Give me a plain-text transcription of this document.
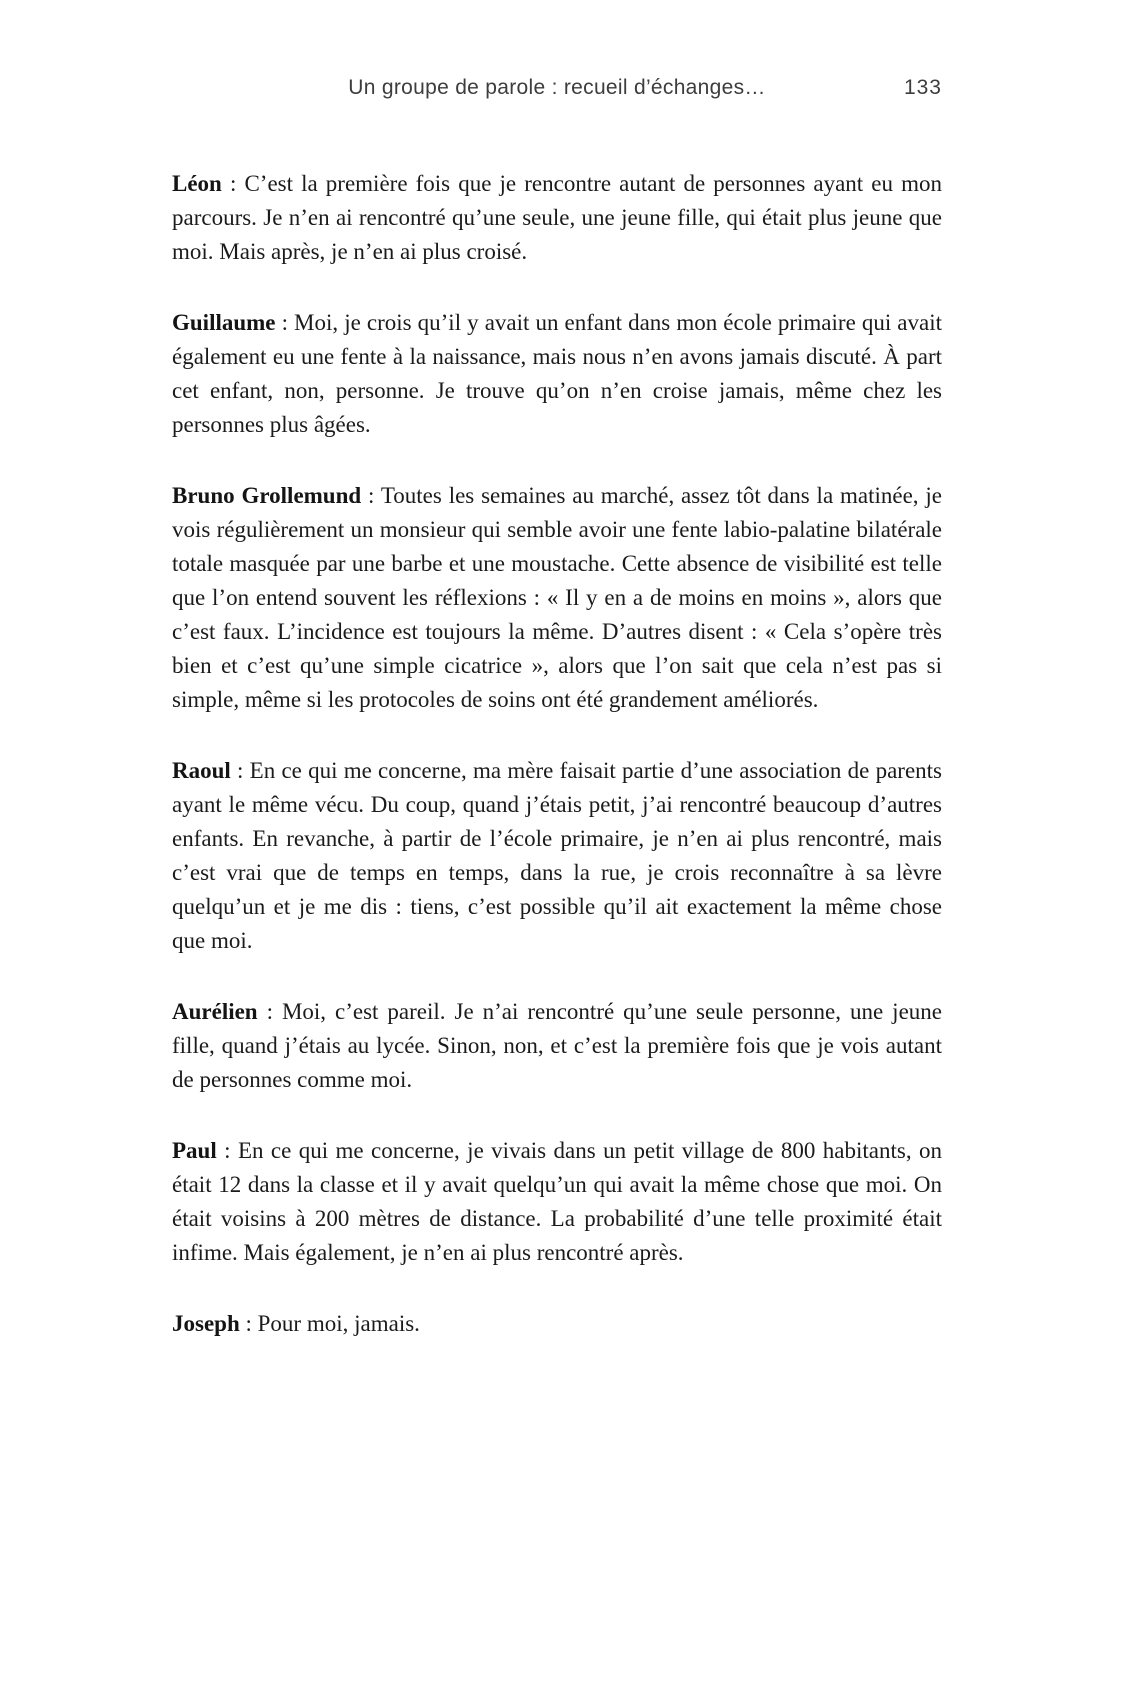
Un groupe de parole : recueil d’échanges…	133

Léon : C’est la première fois que je rencontre autant de personnes ayant eu mon parcours. Je n’en ai rencontré qu’une seule, une jeune fille, qui était plus jeune que moi. Mais après, je n’en ai plus croisé.

Guillaume : Moi, je crois qu’il y avait un enfant dans mon école primaire qui avait également eu une fente à la naissance, mais nous n’en avons jamais discuté. À part cet enfant, non, personne. Je trouve qu’on n’en croise jamais, même chez les personnes plus âgées.

Bruno Grollemund : Toutes les semaines au marché, assez tôt dans la matinée, je vois régulièrement un monsieur qui semble avoir une fente labio-palatine bilatérale totale masquée par une barbe et une moustache. Cette absence de visibilité est telle que l’on entend souvent les réflexions : « Il y en a de moins en moins », alors que c’est faux. L’incidence est toujours la même. D’autres disent : « Cela s’opère très bien et c’est qu’une simple cicatrice », alors que l’on sait que cela n’est pas si simple, même si les protocoles de soins ont été grandement améliorés.

Raoul : En ce qui me concerne, ma mère faisait partie d’une association de parents ayant le même vécu. Du coup, quand j’étais petit, j’ai rencontré beaucoup d’autres enfants. En revanche, à partir de l’école primaire, je n’en ai plus rencontré, mais c’est vrai que de temps en temps, dans la rue, je crois reconnaître à sa lèvre quelqu’un et je me dis : tiens, c’est possible qu’il ait exactement la même chose que moi.

Aurélien : Moi, c’est pareil. Je n’ai rencontré qu’une seule personne, une jeune fille, quand j’étais au lycée. Sinon, non, et c’est la première fois que je vois autant de personnes comme moi.

Paul : En ce qui me concerne, je vivais dans un petit village de 800 habitants, on était 12 dans la classe et il y avait quelqu’un qui avait la même chose que moi. On était voisins à 200 mètres de distance. La probabilité d’une telle proximité était infime. Mais également, je n’en ai plus rencontré après.

Joseph : Pour moi, jamais.
